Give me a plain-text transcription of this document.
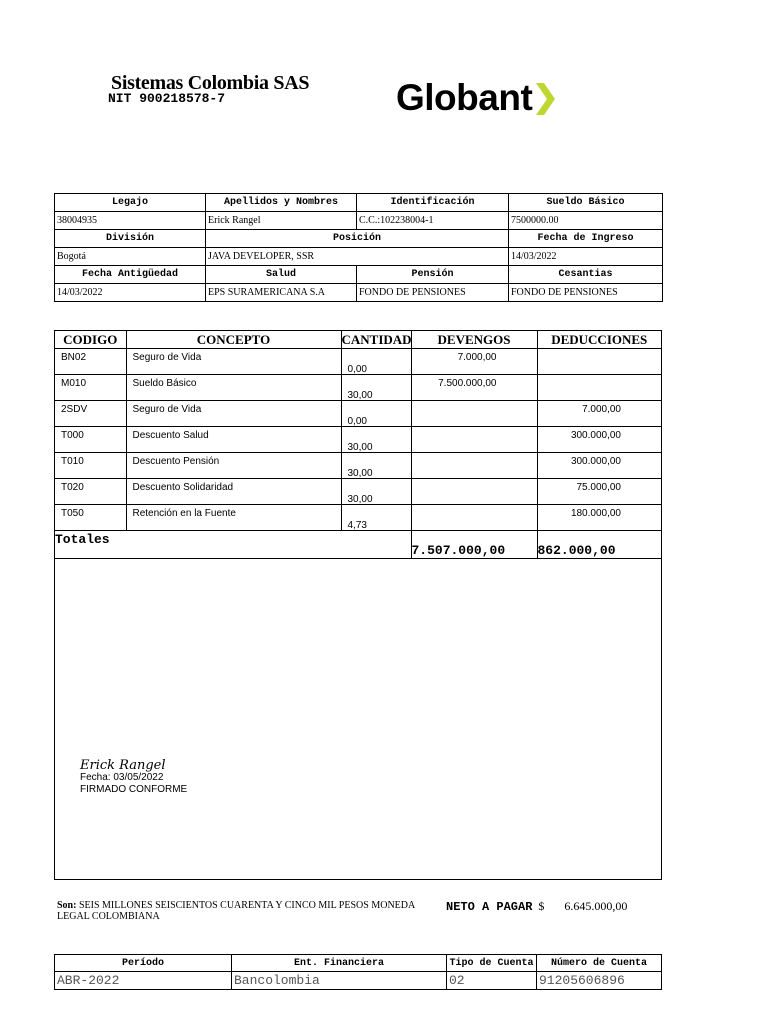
Sistemas Colombia SAS
NIT 900218578-7	Globant
Legajo	Apellidos y Nombres	Identificación	Sueldo Básico
38004935	Erick Rangel	C.C.:102238004-1	7500000.00
División	Posición		Fecha de Ingreso
Bogotá	JAVA DEVELOPER, SSR		14/03/2022
Fecha Antigüedad	Salud	Pensión	Cesantias
14/03/2022	EPS SURAMERICANA S.A	FONDO DE PENSIONES	FONDO DE PENSIONES
CODIGO	CONCEPTO	CANTIDAD	DEVENGOS	DEDUCCIONES

BN02	Seguro de Vida	0,00	7.000,00	

M010	Sueldo Básico	30,00	7.500.000,00	

2SDV	Seguro de Vida	0,00		7.000,00

T000	Descuento Salud	30,00		300.000,00

T010	Descuento Pensión	30,00		300.000,00

T020	Descuento Solidaridad	30,00		75.000,00

T050	Retención en la Fuente	4,73		180.000,00

Totales			7.507.000,00	862.000,00
Erick Rangel
Fecha: 03/05/2022
FIRMADO CONFORME
Son: SEIS MILLONES SEISCIENTOS CUARENTA Y CINCO MIL PESOS MONEDA LEGAL COLOMBIANA
NETO A PAGAR $ 6.645.000,00
Período	Ent. Financiera	Tipo de Cuenta	Número de Cuenta
ABR-2022	Bancolombia	02	91205606896
